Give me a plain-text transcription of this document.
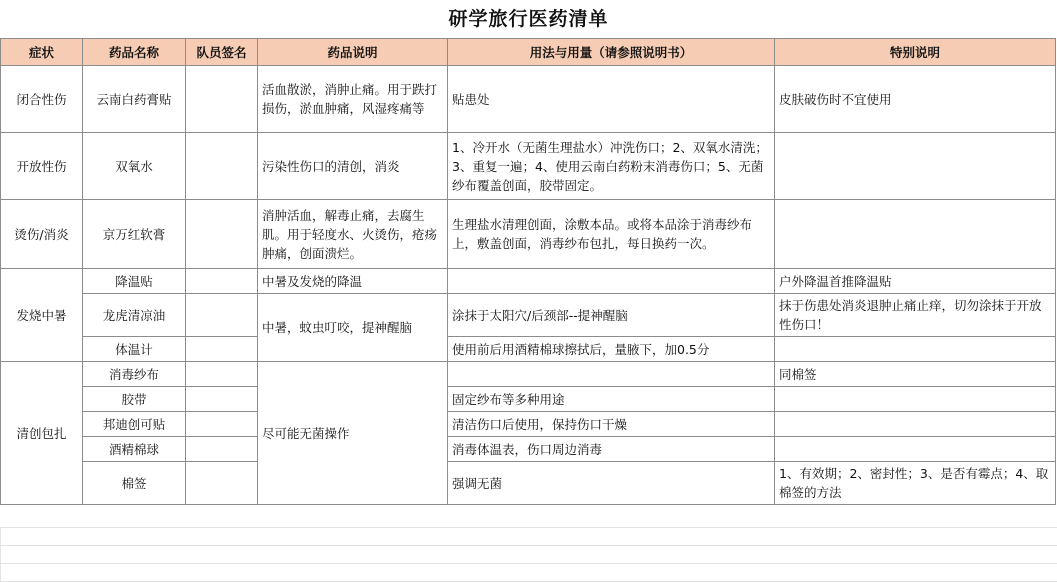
研学旅行医药清单
症状	药品名称	队员签名	药品说明	用法与用量（请参照说明书）	特别说明
闭合性伤	云南白药膏贴		活血散淤，消肿止痛。用于跌打损伤，淤血肿痛，风湿疼痛等	贴患处	皮肤破伤时不宜使用
开放性伤	双氧水		污染性伤口的清创，消炎	1、冷开水（无菌生理盐水）冲洗伤口；2、双氧水清洗；3、重复一遍；4、使用云南白药粉末消毒伤口；5、无菌纱布覆盖创面，胶带固定。	
烫伤/消炎	京万红软膏		消肿活血，解毒止痛，去腐生肌。用于轻度水、火烫伤，疮疡肿痛，创面溃烂。	生理盐水清理创面，涂敷本品。或将本品涂于消毒纱布上，敷盖创面，消毒纱布包扎，每日换药一次。	
发烧中暑	降温贴		中暑及发烧的降温		户外降温首推降温贴
	龙虎清凉油		中暑，蚊虫叮咬，提神醒脑	涂抹于太阳穴/后颈部--提神醒脑	抹于伤患处消炎退肿止痛止痒，切勿涂抹于开放性伤口！
	体温计			使用前后用酒精棉球擦拭后，量腋下，加0.5分	
清创包扎	消毒纱布		尽可能无菌操作		同棉签
	胶带			固定纱布等多种用途	
	邦迪创可贴			清洁伤口后使用，保持伤口干燥	
	酒精棉球			消毒体温表，伤口周边消毒	
	棉签			强调无菌	1、有效期；2、密封性；3、是否有霉点；4、取棉签的方法
